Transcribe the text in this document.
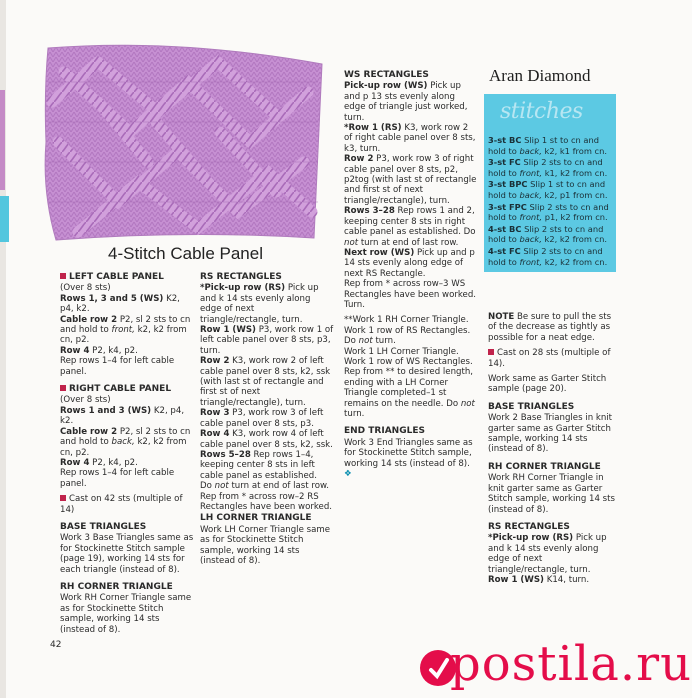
4-Stitch Cable Panel
LEFT CABLE PANEL

(Over 8 sts)
Rows 1, 3 and 5 (WS) K2, p4, k2.
Cable row 2 P2, sl 2 sts to cn and hold to front, k2, k2 from cn, p2.
Row 4 P2, k4, p2.
Rep rows 1–4 for left cable panel.

RIGHT CABLE PANEL

(Over 8 sts)
Rows 1 and 3 (WS) K2, p4, k2.
Cable row 2 P2, sl 2 sts to cn and hold to back, k2, k2 from cn, p2.
Row 4 P2, k4, p2.
Rep rows 1–4 for left cable panel.

Cast on 42 sts (multiple of 14)

BASE TRIANGLES

Work 3 Base Triangles same as for Stockinette Stitch sample (page 19), working 14 sts for each triangle (instead of 8).

RH CORNER TRIANGLE

Work RH Corner Triangle same as for Stockinette Stitch sample, working 14 sts (instead of 8).

42
RS RECTANGLES

*Pick-up row (RS) Pick up and k 14 sts evenly along edge of next triangle/rectangle, turn.
Row 1 (WS) P3, work row 1 of left cable panel over 8 sts, p3, turn.
Row 2 K3, work row 2 of left cable panel over 8 sts, k2, ssk (with last st of rectangle and first st of next triangle/rectangle), turn.
Row 3 P3, work row 3 of left cable panel over 8 sts, p3.
Row 4 K3, work row 4 of left cable panel over 8 sts, k2, ssk.
Rows 5–28 Rep rows 1–4, keeping center 8 sts in left cable panel as established.
Do not turn at end of last row.
Rep from * across row–2 RS Rectangles have been worked.

LH CORNER TRIANGLE

Work LH Corner Triangle same as for Stockinette Stitch sample, working 14 sts (instead of 8).

WS RECTANGLES

Pick-up row (WS) Pick up and p 13 sts evenly along edge of triangle just worked, turn.
*Row 1 (RS) K3, work row 2 of right cable panel over 8 sts, k3, turn.
Row 2 P3, work row 3 of right cable panel over 8 sts, p2, p2tog (with last st of rectangle and first st of next triangle/rectangle), turn.
Rows 3–28 Rep rows 1 and 2, keeping center 8 sts in right cable panel as established. Do not turn at end of last row.
Next row (WS) Pick up and p 14 sts evenly along edge of next RS Rectangle.
Rep from * across row–3 WS Rectangles have been worked. Turn.

**Work 1 RH Corner Triangle. Work 1 row of RS Rectangles. Do not turn.
Work 1 LH Corner Triangle. Work 1 row of WS Rectangles. Rep from ** to desired length, ending with a LH Corner Triangle completed–1 st remains on the needle. Do not turn.

END TRIANGLES

Work 3 End Triangles same as for Stockinette Stitch sample, working 14 sts (instead of 8). ❖

Aran Diamond
stitches

3-st BC Slip 1 st to cn and hold to back, k2, k1 from cn.

3-st FC Slip 2 sts to cn and hold to front, k1, k2 from cn.

3-st BPC Slip 1 st to cn and hold to back, k2, p1 from cn.

3-st FPC Slip 2 sts to cn and hold to front, p1, k2 from cn.

4-st BC Slip 2 sts to cn and hold to back, k2, k2 from cn.

4-st FC Slip 2 sts to cn and hold to front, k2, k2 from cn.

NOTE Be sure to pull the sts of the decrease as tightly as possible for a neat edge.

Cast on 28 sts (multiple of 14).

Work same as Garter Stitch sample (page 20).

BASE TRIANGLES

Work 2 Base Triangles in knit garter same as Garter Stitch sample, working 14 sts (instead of 8).

RH CORNER TRIANGLE

Work RH Corner Triangle in knit garter same as Garter Stitch sample, working 14 sts (instead of 8).

RS RECTANGLES

*Pick-up row (RS) Pick up and k 14 sts evenly along edge of next triangle/rectangle, turn.
Row 1 (WS) K14, turn.

postila.ru
